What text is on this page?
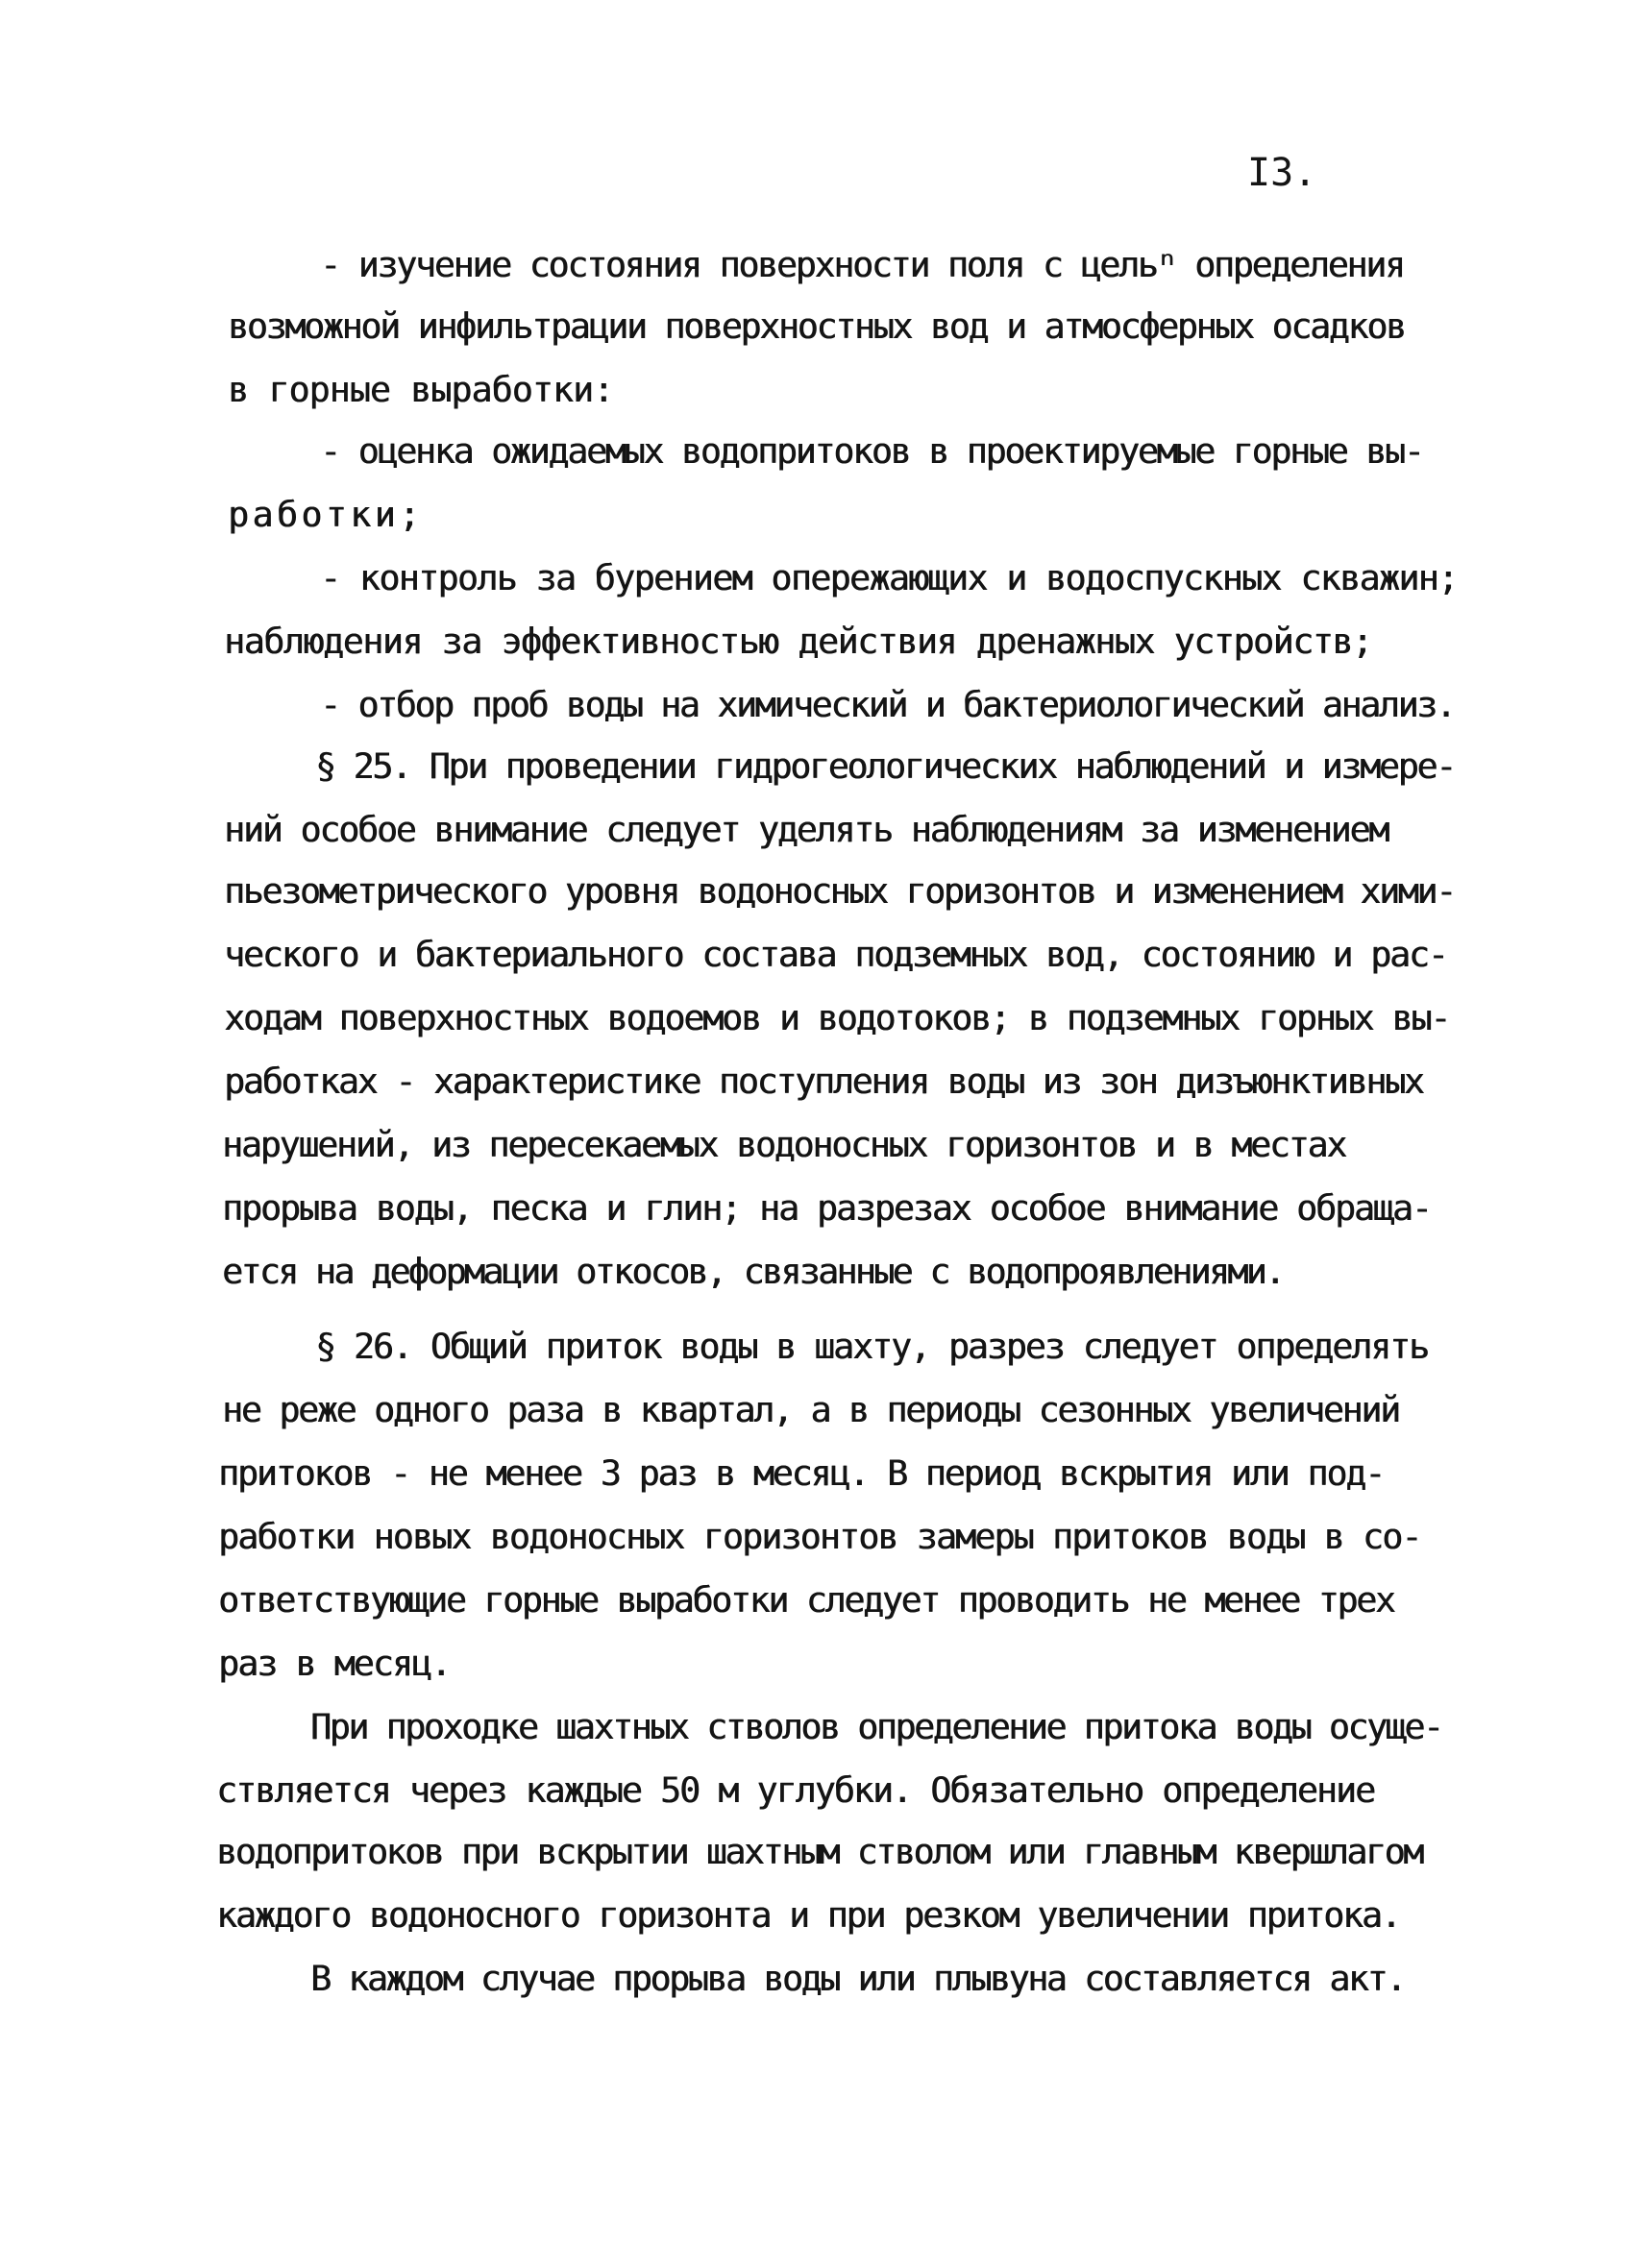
I3.
- изучение состояния поверхности поля с цельⁿ определения
возможной инфильтрации поверхностных вод и атмосферных осадков
в горные выработки:
- оценка ожидаемых водопритоков в проектируемые горные вы-
работки;
- контроль за бурением опережающих и водоспускных скважин;
наблюдения за эффективностью действия дренажных устройств;
- отбор проб воды на химический и бактериологический анализ.
§ 25. При проведении гидрогеологических наблюдений и измере-
ний особое внимание следует уделять наблюдениям за изменением
пьезометрического уровня водоносных горизонтов и изменением хими-
ческого и бактериального состава подземных вод, состоянию и рас-
ходам поверхностных водоемов и водотоков; в подземных горных вы-
работках - характеристике поступления воды из зон дизъюнктивных
нарушений, из пересекаемых водоносных горизонтов и в местах
прорыва воды, песка и глин; на разрезах особое внимание обраща-
ется на деформации откосов, связанные с водопроявлениями.
§ 26. Общий приток воды в шахту, разрез следует определять
не реже одного раза в квартал, а в периоды сезонных увеличений
притоков - не менее 3 раз в месяц. В период вскрытия или под-
работки новых водоносных горизонтов замеры притоков воды в со-
ответствующие горные выработки следует проводить не менее трех
раз в месяц.
При проходке шахтных стволов определение притока воды осуще-
ствляется через каждые 50 м углубки. Обязательно определение
водопритоков при вскрытии шахтным стволом или главным квершлагом
каждого водоносного горизонта и при резком увеличении притока.
В каждом случае прорыва воды или плывуна составляется акт.
